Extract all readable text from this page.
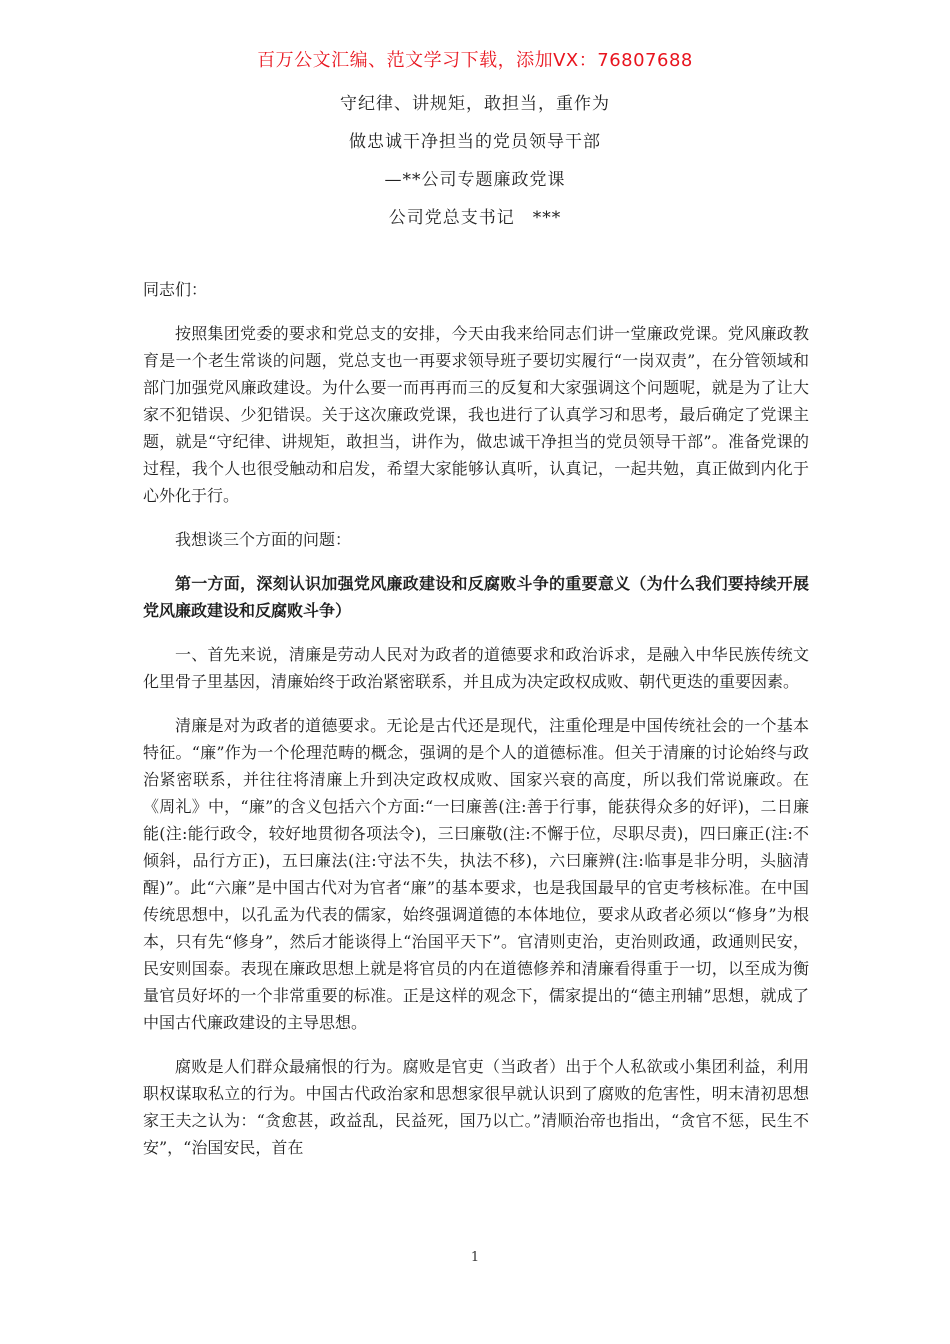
百万公文汇编、范文学习下载，添加VX：76807688
守纪律、讲规矩，敢担当，重作为
做忠诚干净担当的党员领导干部
—**公司专题廉政党课
公司党总支书记　***

同志们：

按照集团党委的要求和党总支的安排，今天由我来给同志们讲一堂廉政党课。党风廉政教育是一个老生常谈的问题，党总支也一再要求领导班子要切实履行“一岗双责”，在分管领域和部门加强党风廉政建设。为什么要一而再再而三的反复和大家强调这个问题呢，就是为了让大家不犯错误、少犯错误。关于这次廉政党课，我也进行了认真学习和思考，最后确定了党课主题，就是“守纪律、讲规矩，敢担当，讲作为，做忠诚干净担当的党员领导干部”。准备党课的过程，我个人也很受触动和启发，希望大家能够认真听，认真记，一起共勉，真正做到内化于心外化于行。

我想谈三个方面的问题：

第一方面，深刻认识加强党风廉政建设和反腐败斗争的重要意义（为什么我们要持续开展党风廉政建设和反腐败斗争）

一、首先来说，清廉是劳动人民对为政者的道德要求和政治诉求，是融入中华民族传统文化里骨子里基因，清廉始终于政治紧密联系，并且成为决定政权成败、朝代更迭的重要因素。

清廉是对为政者的道德要求。无论是古代还是现代，注重伦理是中国传统社会的一个基本特征。“廉”作为一个伦理范畴的概念，强调的是个人的道德标准。但关于清廉的讨论始终与政治紧密联系，并往往将清廉上升到决定政权成败、国家兴衰的高度，所以我们常说廉政。在《周礼》中，“廉”的含义包括六个方面:“一曰廉善(注:善于行事，能获得众多的好评)，二日廉能(注:能行政令，较好地贯彻各项法令)，三曰廉敬(注:不懈于位，尽职尽责)，四曰廉正(注:不倾斜，品行方正)，五曰廉法(注:守法不失，执法不移)，六曰廉辨(注:临事是非分明，头脑清醒)”。此“六廉”是中国古代对为官者“廉”的基本要求，也是我国最早的官吏考核标准。在中国传统思想中，以孔孟为代表的儒家，始终强调道德的本体地位，要求从政者必须以“修身”为根本，只有先“修身”，然后才能谈得上“治国平天下”。官清则吏治，吏治则政通，政通则民安，民安则国泰。表现在廉政思想上就是将官员的内在道德修养和清廉看得重于一切，以至成为衡量官员好坏的一个非常重要的标准。正是这样的观念下，儒家提出的“德主刑辅”思想，就成了中国古代廉政建设的主导思想。

腐败是人们群众最痛恨的行为。腐败是官吏（当政者）出于个人私欲或小集团利益，利用职权谋取私立的行为。中国古代政治家和思想家很早就认识到了腐败的危害性，明末清初思想家王夫之认为：“贪愈甚，政益乱，民益死，国乃以亡。”清顺治帝也指出，“贪官不惩，民生不安”，“治国安民，首在

1
